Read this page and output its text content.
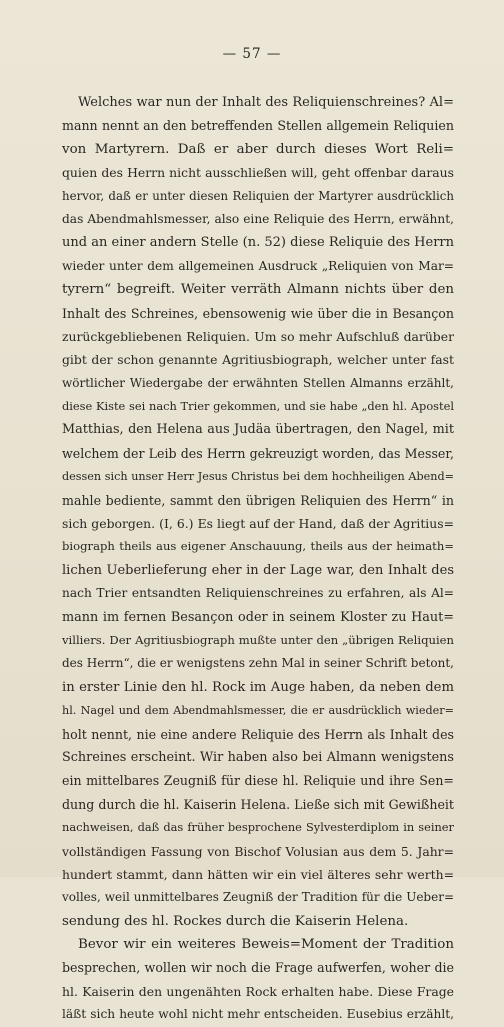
— 57 —
Welches war nun der Inhalt des Reliquienschreines? Al=
mann nennt an den betreffenden Stellen allgemein Reliquien
von Martyrern. Daß er aber durch dieses Wort Reli=
quien des Herrn nicht ausschließen will, geht offenbar daraus
hervor, daß er unter diesen Reliquien der Martyrer ausdrücklich
das Abendmahlsmesser, also eine Reliquie des Herrn, erwähnt,
und an einer andern Stelle (n. 52) diese Reliquie des Herrn
wieder unter dem allgemeinen Ausdruck „Reliquien von Mar=
tyrern“ begreift. Weiter verräth Almann nichts über den
Inhalt des Schreines, ebensowenig wie über die in Besançon
zurückgebliebenen Reliquien. Um so mehr Aufschluß darüber
gibt der schon genannte Agritiusbiograph, welcher unter fast
wörtlicher Wiedergabe der erwähnten Stellen Almanns erzählt,
diese Kiste sei nach Trier gekommen, und sie habe „den hl. Apostel
Matthias, den Helena aus Judäa übertragen, den Nagel, mit
welchem der Leib des Herrn gekreuzigt worden, das Messer,
dessen sich unser Herr Jesus Christus bei dem hochheiligen Abend=
mahle bediente, sammt den übrigen Reliquien des Herrn“ in
sich geborgen. (I, 6.) Es liegt auf der Hand, daß der Agritius=
biograph theils aus eigener Anschauung, theils aus der heimath=
lichen Ueberlieferung eher in der Lage war, den Inhalt des
nach Trier entsandten Reliquienschreines zu erfahren, als Al=
mann im fernen Besançon oder in seinem Kloster zu Haut=
villiers. Der Agritiusbiograph mußte unter den „übrigen Reliquien
des Herrn“, die er wenigstens zehn Mal in seiner Schrift betont,
in erster Linie den hl. Rock im Auge haben, da neben dem
hl. Nagel und dem Abendmahlsmesser, die er ausdrücklich wieder=
holt nennt, nie eine andere Reliquie des Herrn als Inhalt des
Schreines erscheint. Wir haben also bei Almann wenigstens
ein mittelbares Zeugniß für diese hl. Reliquie und ihre Sen=
dung durch die hl. Kaiserin Helena. Ließe sich mit Gewißheit
nachweisen, daß das früher besprochene Sylvesterdiplom in seiner
vollständigen Fassung von Bischof Volusian aus dem 5. Jahr=
hundert stammt, dann hätten wir ein viel älteres sehr werth=
volles, weil unmittelbares Zeugniß der Tradition für die Ueber=
sendung des hl. Rockes durch die Kaiserin Helena.
Bevor wir ein weiteres Beweis=Moment der Tradition
besprechen, wollen wir noch die Frage aufwerfen, woher die
hl. Kaiserin den ungenähten Rock erhalten habe. Diese Frage
läßt sich heute wohl nicht mehr entscheiden. Eusebius erzählt,
